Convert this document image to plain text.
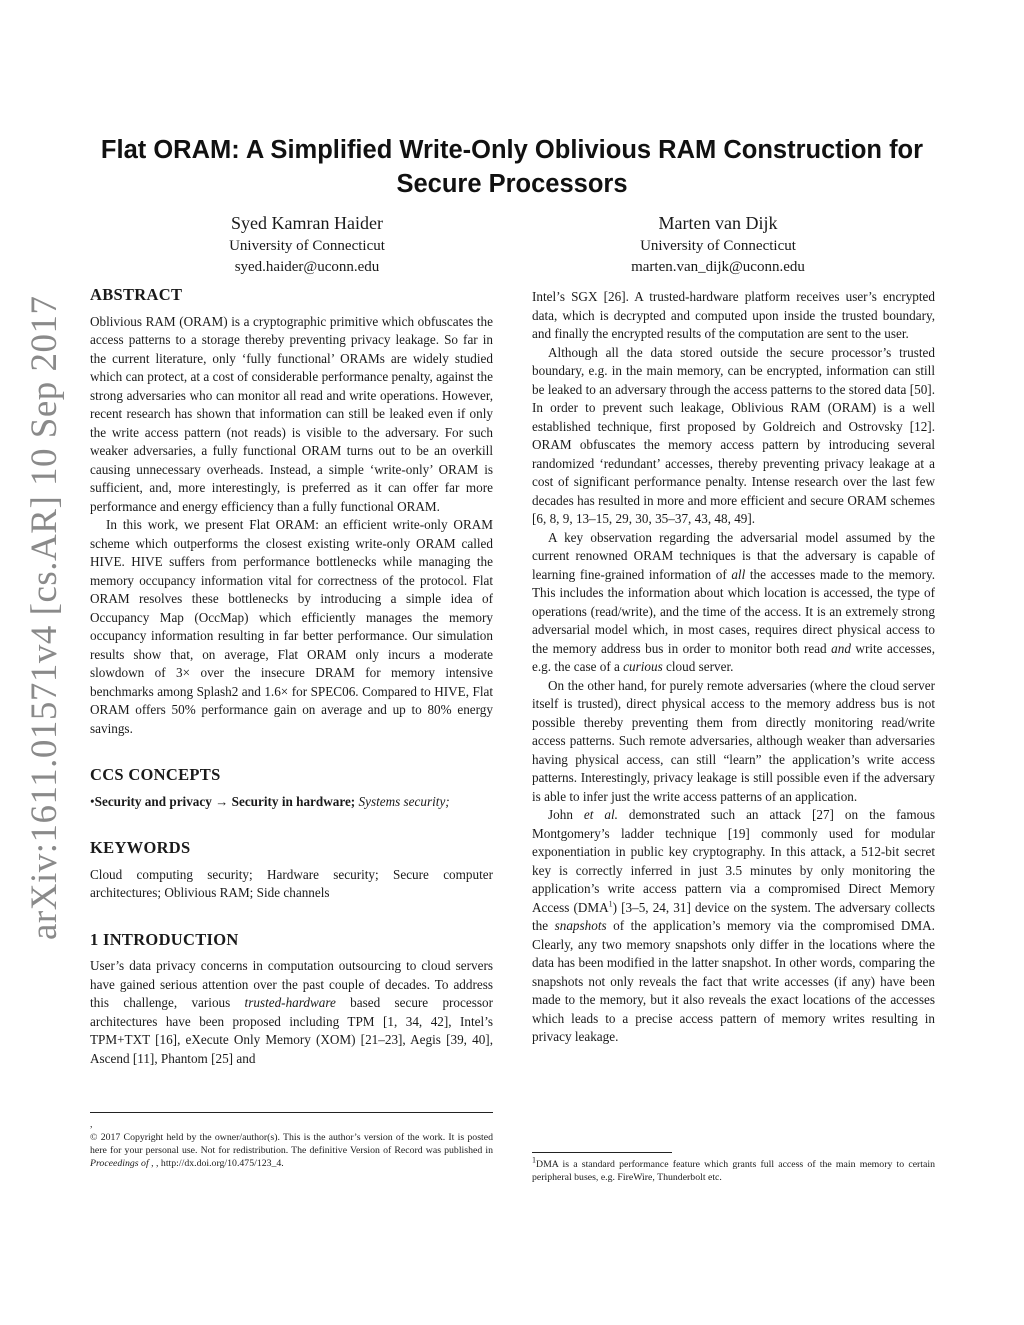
arXiv:1611.01571v4 [cs.AR] 10 Sep 2017
Flat ORAM: A Simplified Write-Only Oblivious RAM Construction for Secure Processors
Syed Kamran Haider
University of Connecticut
syed.haider@uconn.edu
Marten van Dijk
University of Connecticut
marten.van_dijk@uconn.edu
ABSTRACT

Oblivious RAM (ORAM) is a cryptographic primitive which obfuscates the access patterns to a storage thereby preventing privacy leakage. So far in the current literature, only ‘fully functional’ ORAMs are widely studied which can protect, at a cost of considerable performance penalty, against the strong adversaries who can monitor all read and write operations. However, recent research has shown that information can still be leaked even if only the write access pattern (not reads) is visible to the adversary. For such weaker adversaries, a fully functional ORAM turns out to be an overkill causing unnecessary overheads. Instead, a simple ‘write-only’ ORAM is sufficient, and, more interestingly, is preferred as it can offer far more performance and energy efficiency than a fully functional ORAM.

In this work, we present Flat ORAM: an efficient write-only ORAM scheme which outperforms the closest existing write-only ORAM called HIVE. HIVE suffers from performance bottlenecks while managing the memory occupancy information vital for correctness of the protocol. Flat ORAM resolves these bottlenecks by introducing a simple idea of Occupancy Map (OccMap) which efficiently manages the memory occupancy information resulting in far better performance. Our simulation results show that, on average, Flat ORAM only incurs a moderate slowdown of 3× over the insecure DRAM for memory intensive benchmarks among Splash2 and 1.6× for SPEC06. Compared to HIVE, Flat ORAM offers 50% performance gain on average and up to 80% energy savings.

CCS CONCEPTS
•Security and privacy → Security in hardware; Systems security;
KEYWORDS

Cloud computing security; Hardware security; Secure computer architectures; Oblivious RAM; Side channels

1 INTRODUCTION

User’s data privacy concerns in computation outsourcing to cloud servers have gained serious attention over the past couple of decades. To address this challenge, various trusted-hardware based secure processor architectures have been proposed including TPM [1, 34, 42], Intel’s TPM+TXT [16], eXecute Only Memory (XOM) [21–23], Aegis [39, 40], Ascend [11], Phantom [25] and

,
© 2017 Copyright held by the owner/author(s). This is the author’s version of the work. It is posted here for your personal use. Not for redistribution. The definitive Version of Record was published in Proceedings of , , http://dx.doi.org/10.475/123_4.

Intel’s SGX [26]. A trusted-hardware platform receives user’s encrypted data, which is decrypted and computed upon inside the trusted boundary, and finally the encrypted results of the computation are sent to the user.

Although all the data stored outside the secure processor’s trusted boundary, e.g. in the main memory, can be encrypted, information can still be leaked to an adversary through the access patterns to the stored data [50]. In order to prevent such leakage, Oblivious RAM (ORAM) is a well established technique, first proposed by Goldreich and Ostrovsky [12]. ORAM obfuscates the memory access pattern by introducing several randomized ‘redundant’ accesses, thereby preventing privacy leakage at a cost of significant performance penalty. Intense research over the last few decades has resulted in more and more efficient and secure ORAM schemes [6, 8, 9, 13–15, 29, 30, 35–37, 43, 48, 49].

A key observation regarding the adversarial model assumed by the current renowned ORAM techniques is that the adversary is capable of learning fine-grained information of all the accesses made to the memory. This includes the information about which location is accessed, the type of operations (read/write), and the time of the access. It is an extremely strong adversarial model which, in most cases, requires direct physical access to the memory address bus in order to monitor both read and write accesses, e.g. the case of a curious cloud server.

On the other hand, for purely remote adversaries (where the cloud server itself is trusted), direct physical access to the memory address bus is not possible thereby preventing them from directly monitoring read/write access patterns. Such remote adversaries, although weaker than adversaries having physical access, can still “learn” the application’s write access patterns. Interestingly, privacy leakage is still possible even if the adversary is able to infer just the write access patterns of an application.

John et al. demonstrated such an attack [27] on the famous Montgomery’s ladder technique [19] commonly used for modular exponentiation in public key cryptography. In this attack, a 512-bit secret key is correctly inferred in just 3.5 minutes by only monitoring the application’s write access pattern via a compromised Direct Memory Access (DMA$^1$) [3–5, 24, 31] device on the system. The adversary collects the snapshots of the application’s memory via the compromised DMA. Clearly, any two memory snapshots only differ in the locations where the data has been modified in the latter snapshot. In other words, comparing the snapshots not only reveals the fact that write accesses (if any) have been made to the memory, but it also reveals the exact locations of the accesses which leads to a precise access pattern of memory writes resulting in privacy leakage.

$^1$DMA is a standard performance feature which grants full access of the main memory to certain peripheral buses, e.g. FireWire, Thunderbolt etc.
